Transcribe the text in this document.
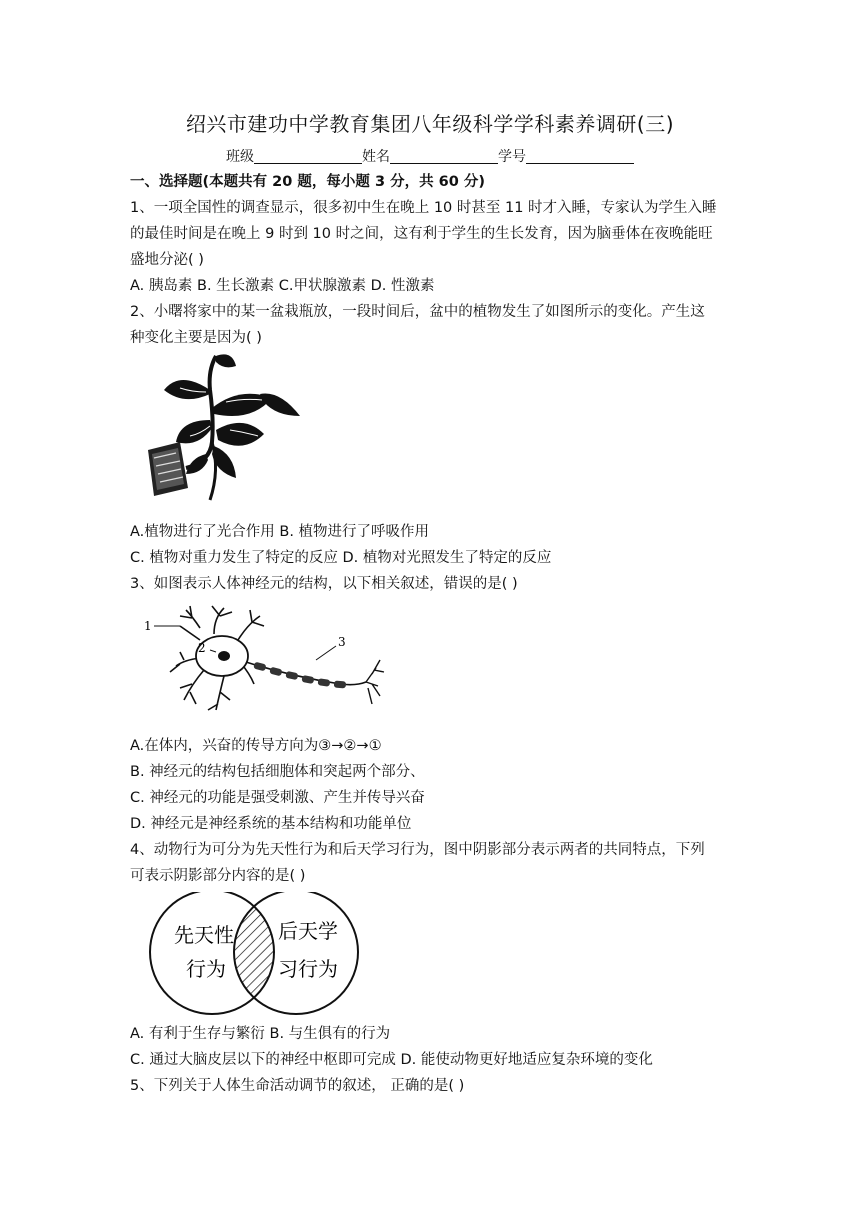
绍兴市建功中学教育集团八年级科学学科素养调研(三)
班级	姓名	学号
一、选择题(本题共有 20 题，每小题 3 分，共 60 分)
1、一项全国性的调查显示，很多初中生在晚上 10 时甚至 11 时才入睡，专家认为学生入睡
的最佳时间是在晚上 9 时到 10 时之间，这有利于学生的生长发育，因为脑垂体在夜晚能旺
盛地分泌( )
A. 胰岛素 B. 生长激素 C.甲状腺激素 D. 性激素
2、小曙将家中的某一盆栽瓶放，一段时间后，盆中的植物发生了如图所示的变化。产生这
种变化主要是因为( )
A.植物进行了光合作用 B. 植物进行了呼吸作用
C. 植物对重力发生了特定的反应 D. 植物对光照发生了特定的反应
3、如图表示人体神经元的结构，以下相关叙述，错误的是( )
1
2	3
A.在体内，兴奋的传导方向为③→②→①
B. 神经元的结构包括细胞体和突起两个部分、
C. 神经元的功能是强受刺激、产生并传导兴奋
D. 神经元是神经系统的基本结构和功能单位
4、动物行为可分为先天性行为和后天学习行为，图中阴影部分表示两者的共同特点，下列
可表示阴影部分内容的是( )
先天性
行为
后天学
习行为
A. 有利于生存与繁衍 B. 与生俱有的行为
C. 通过大脑皮层以下的神经中枢即可完成 D. 能使动物更好地适应复杂环境的变化
5、下列关于人体生命活动调节的叙述， 正确的是( )
